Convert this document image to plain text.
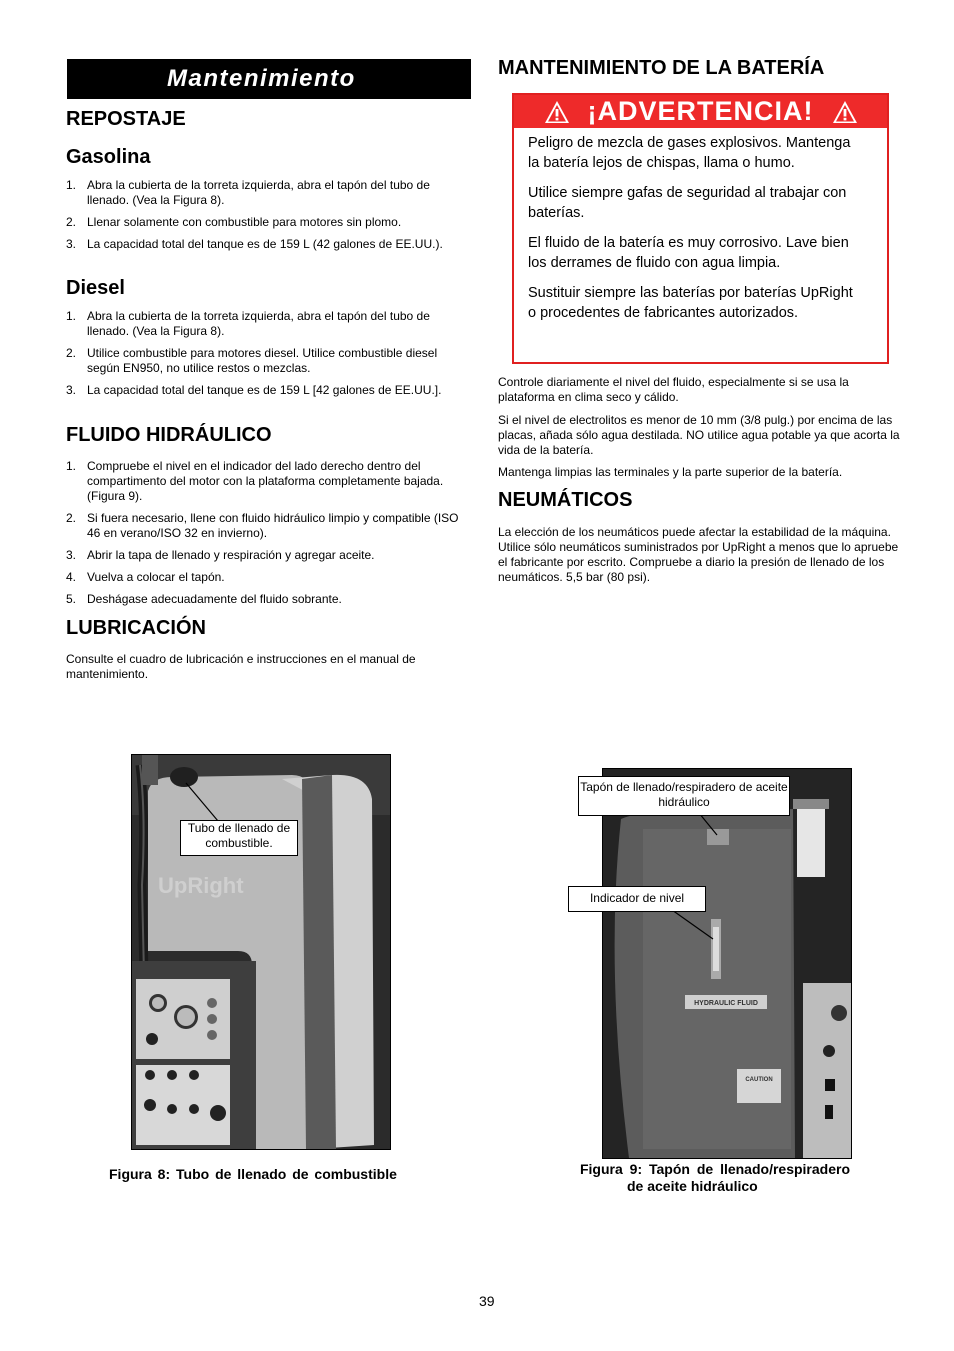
Mantenimiento
REPOSTAJE
Gasolina
1. Abra la cubierta de la torreta izquierda, abra el tapón del tubo de llenado. (Vea la Figura 8).
2. Llenar solamente con combustible para motores sin plomo.
3. La capacidad total del tanque es de 159 L (42 galones de EE.UU.).
Diesel
1. Abra la cubierta de la torreta izquierda, abra el tapón del tubo de llenado. (Vea la Figura 8).
2. Utilice combustible para motores diesel. Utilice combustible diesel según EN950, no utilice restos o mezclas.
3. La capacidad total del tanque es de 159 L [42 galones de EE.UU.].
FLUIDO HIDRÁULICO
1. Compruebe el nivel en el indicador del lado derecho dentro del compartimento del motor con la plataforma completamente bajada. (Figura 9).
2. Si fuera necesario, llene con fluido hidráulico limpio y compatible (ISO 46 en verano/ISO 32 en invierno).
3. Abrir la tapa de llenado y respiración y agregar aceite.
4. Vuelva a colocar el tapón.
5. Deshágase adecuadamente del fluido sobrante.
LUBRICACIÓN

Consulte el cuadro de lubricación e instrucciones en el manual de mantenimiento.

MANTENIMIENTO DE LA BATERÍA
¡ADVERTENCIA!

Peligro de mezcla de gases explosivos. Mantenga la batería lejos de chispas, llama o humo.

Utilice siempre gafas de seguridad al trabajar con baterías.

El fluido de la batería es muy corrosivo. Lave bien los derrames de fluido con agua limpia.

Sustituir siempre las baterías por baterías UpRight o procedentes de fabricantes autorizados.

Controle diariamente el nivel del fluido, especialmente si se usa la plataforma en clima seco y cálido.

Si el nivel de electrolitos es menor de 10 mm (3/8 pulg.) por encima de las placas, añada sólo agua destilada. NO utilice agua potable ya que acorta la vida de la batería.

Mantenga limpias las terminales y la parte superior de la batería.

NEUMÁTICOS

La elección de los neumáticos puede afectar la estabilidad de la máquina. Utilice sólo neumáticos suministrados por UpRight a menos que lo apruebe el fabricante por escrito. Compruebe a diario la presión de llenado de los neumáticos. 5,5 bar (80 psi).

UpRight
Tubo de llenado de combustible.
Figura 8: Tubo de llenado de combustible
HYDRAULIC FLUID
CAUTION
Tapón de llenado/respiradero de aceite hidráulico
Indicador de nivel
Figura 9: Tapón de llenado/respiradero
de aceite hidráulico
39
